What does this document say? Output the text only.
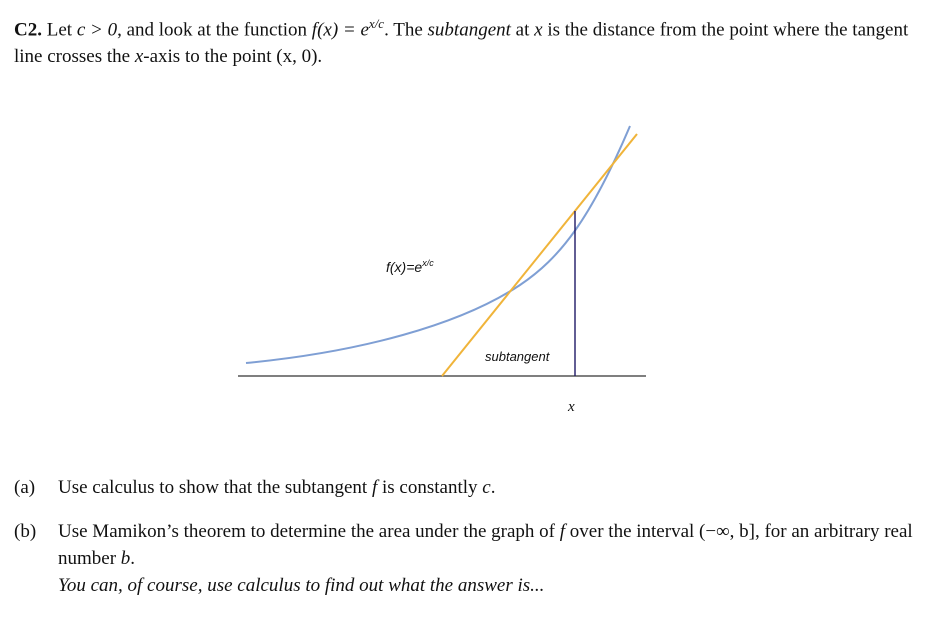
C2. Let c > 0, and look at the function $f(x) = e^{x/c}$. The subtangent at x is the distance from the point where the tangent line crosses the x-axis to the point (x, 0).
$f(x)=e^{x/c}$
subtangent
x
(a) Use calculus to show that the subtangent f is constantly c.
(b) Use Mamikon’s theorem to determine the area under the graph of f over the interval (−∞, b], for an arbitrary real number b.
You can, of course, use calculus to find out what the answer is...
